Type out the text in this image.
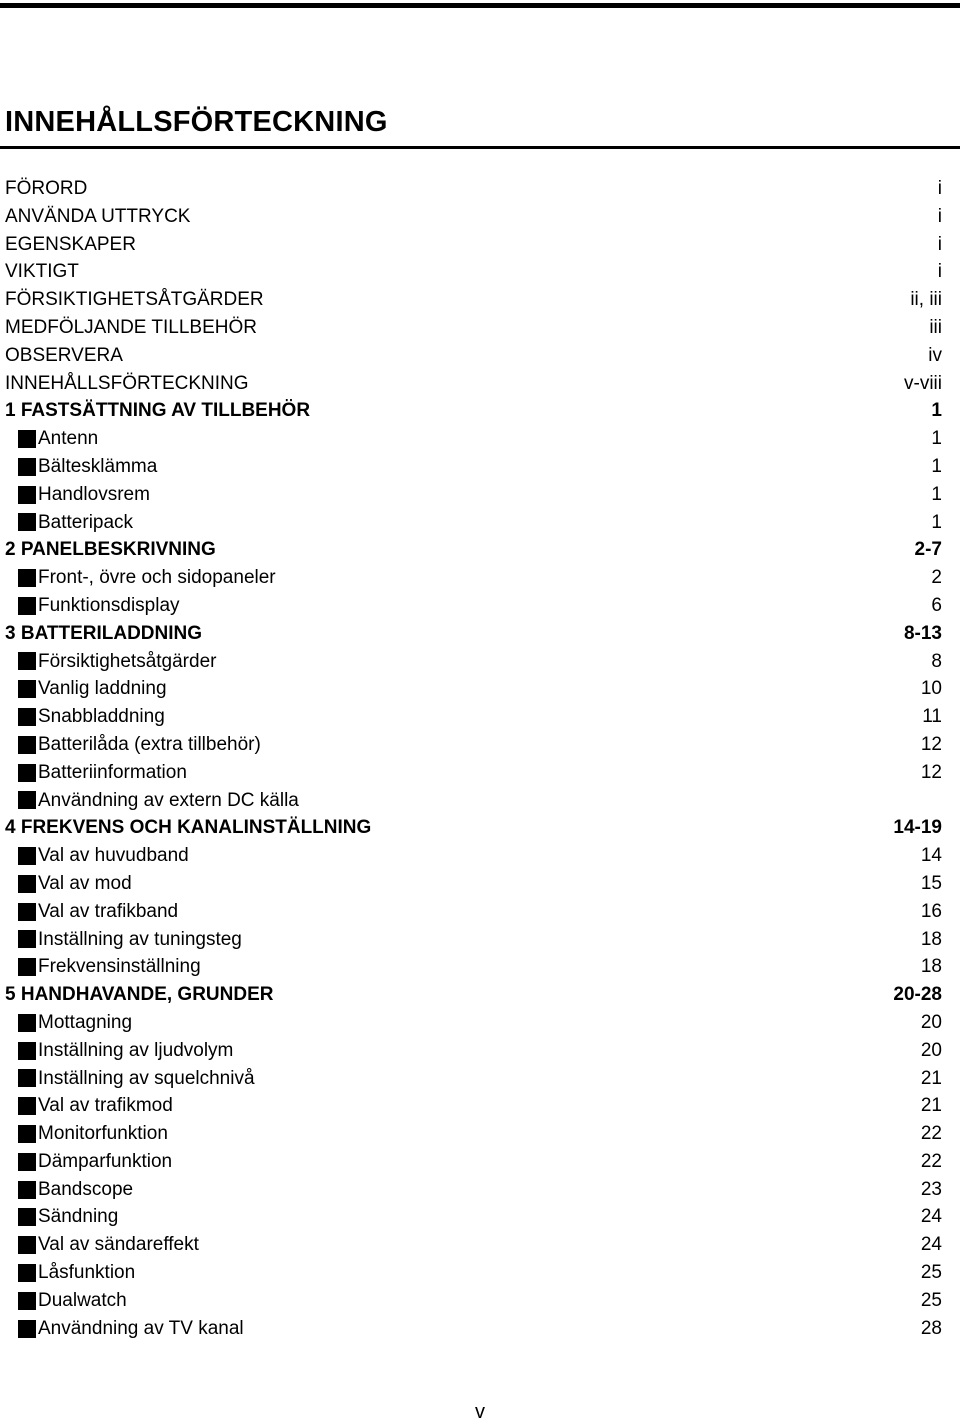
INNEHÅLLSFÖRTECKNING
FÖRORD	i
ANVÄNDA UTTRYCK	i
EGENSKAPER	i
VIKTIGT	i
FÖRSIKTIGHETSÅTGÄRDER	ii, iii
MEDFÖLJANDE TILLBEHÖR	iii
OBSERVERA	iv
INNEHÅLLSFÖRTECKNING	v-viii
1 FASTSÄTTNING AV TILLBEHÖR	1
Antenn	1
Bältesklämma	1
Handlovsrem	1
Batteripack	1
2 PANELBESKRIVNING	2-7
Front-, övre och sidopaneler	2
Funktionsdisplay	6
3 BATTERILADDNING	8-13
Försiktighetsåtgärder	8
Vanlig laddning	10
Snabbladdning	11
Batterilåda (extra tillbehör)	12
Batteriinformation	12
Användning av extern DC källa
4 FREKVENS OCH KANALINSTÄLLNING	14-19
Val av huvudband	14
Val av mod	15
Val av trafikband	16
Inställning av tuningsteg	18
Frekvensinställning	18
5 HANDHAVANDE, GRUNDER	20-28
Mottagning	20
Inställning av ljudvolym	20
Inställning av squelchnivå	21
Val av trafikmod	21
Monitorfunktion	22
Dämparfunktion	22
Bandscope	23
Sändning	24
Val av sändareffekt	24
Låsfunktion	25
Dualwatch	25
Användning av TV kanal	28
v
